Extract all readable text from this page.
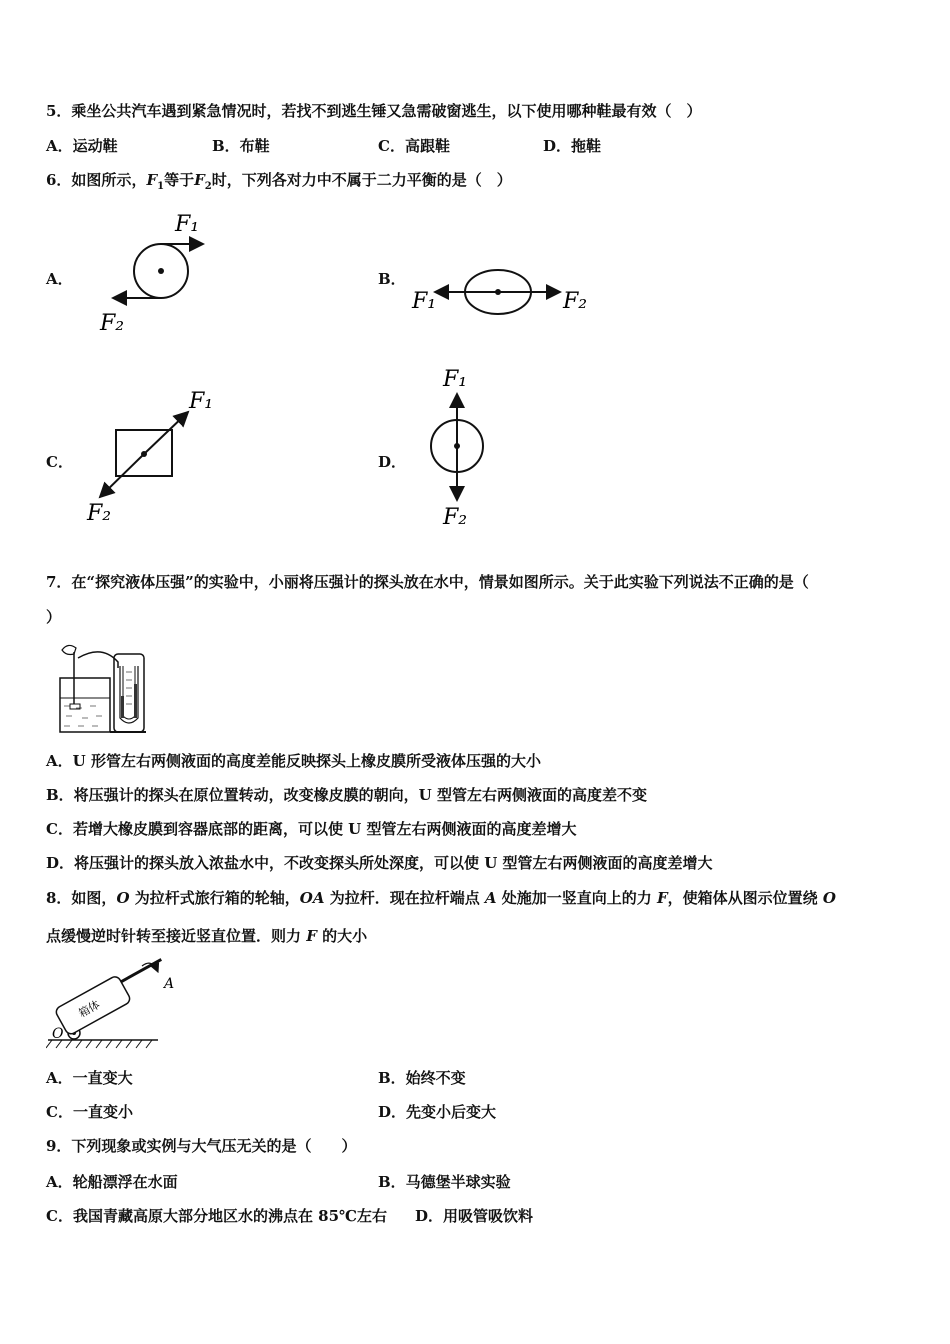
5．乘坐公共汽车遇到紧急情况时，若找不到逃生锤又急需破窗逃生，以下使用哪种鞋最有效（　）
A．运动鞋	B．布鞋	C．高跟鞋	D．拖鞋
6．如图所示，$F_1$等于$F_2$时，下列各对力中不属于二力平衡的是（　）
A．	B．
C．	D．
F₁
F₂
F₁	F₂
F₁
F₂
F₁
F₂
7．在“探究液体压强”的实验中，小丽将压强计的探头放在水中，情景如图所示。关于此实验下列说法不正确的是（
）
A．U 形管左右两侧液面的高度差能反映探头上橡皮膜所受液体压强的大小
B．将压强计的探头在原位置转动，改变橡皮膜的朝向，U 型管左右两侧液面的高度差不变
C．若增大橡皮膜到容器底部的距离，可以使 U 型管左右两侧液面的高度差增大
D．将压强计的探头放入浓盐水中，不改变探头所处深度，可以使 U 型管左右两侧液面的高度差增大
8．如图，O 为拉杆式旅行箱的轮轴，OA 为拉杆．现在拉杆端点 A 处施加一竖直向上的力 F，使箱体从图示位置绕 O
点缓慢逆时针转至接近竖直位置．则力 F 的大小
箱体
A
O
A．一直变大	B．始终不变
C．一直变小	D．先变小后变大
9．下列现象或实例与大气压无关的是（　　）
A．轮船漂浮在水面	B．马德堡半球实验
C．我国青藏高原大部分地区水的沸点在 85℃左右 D．用吸管吸饮料
